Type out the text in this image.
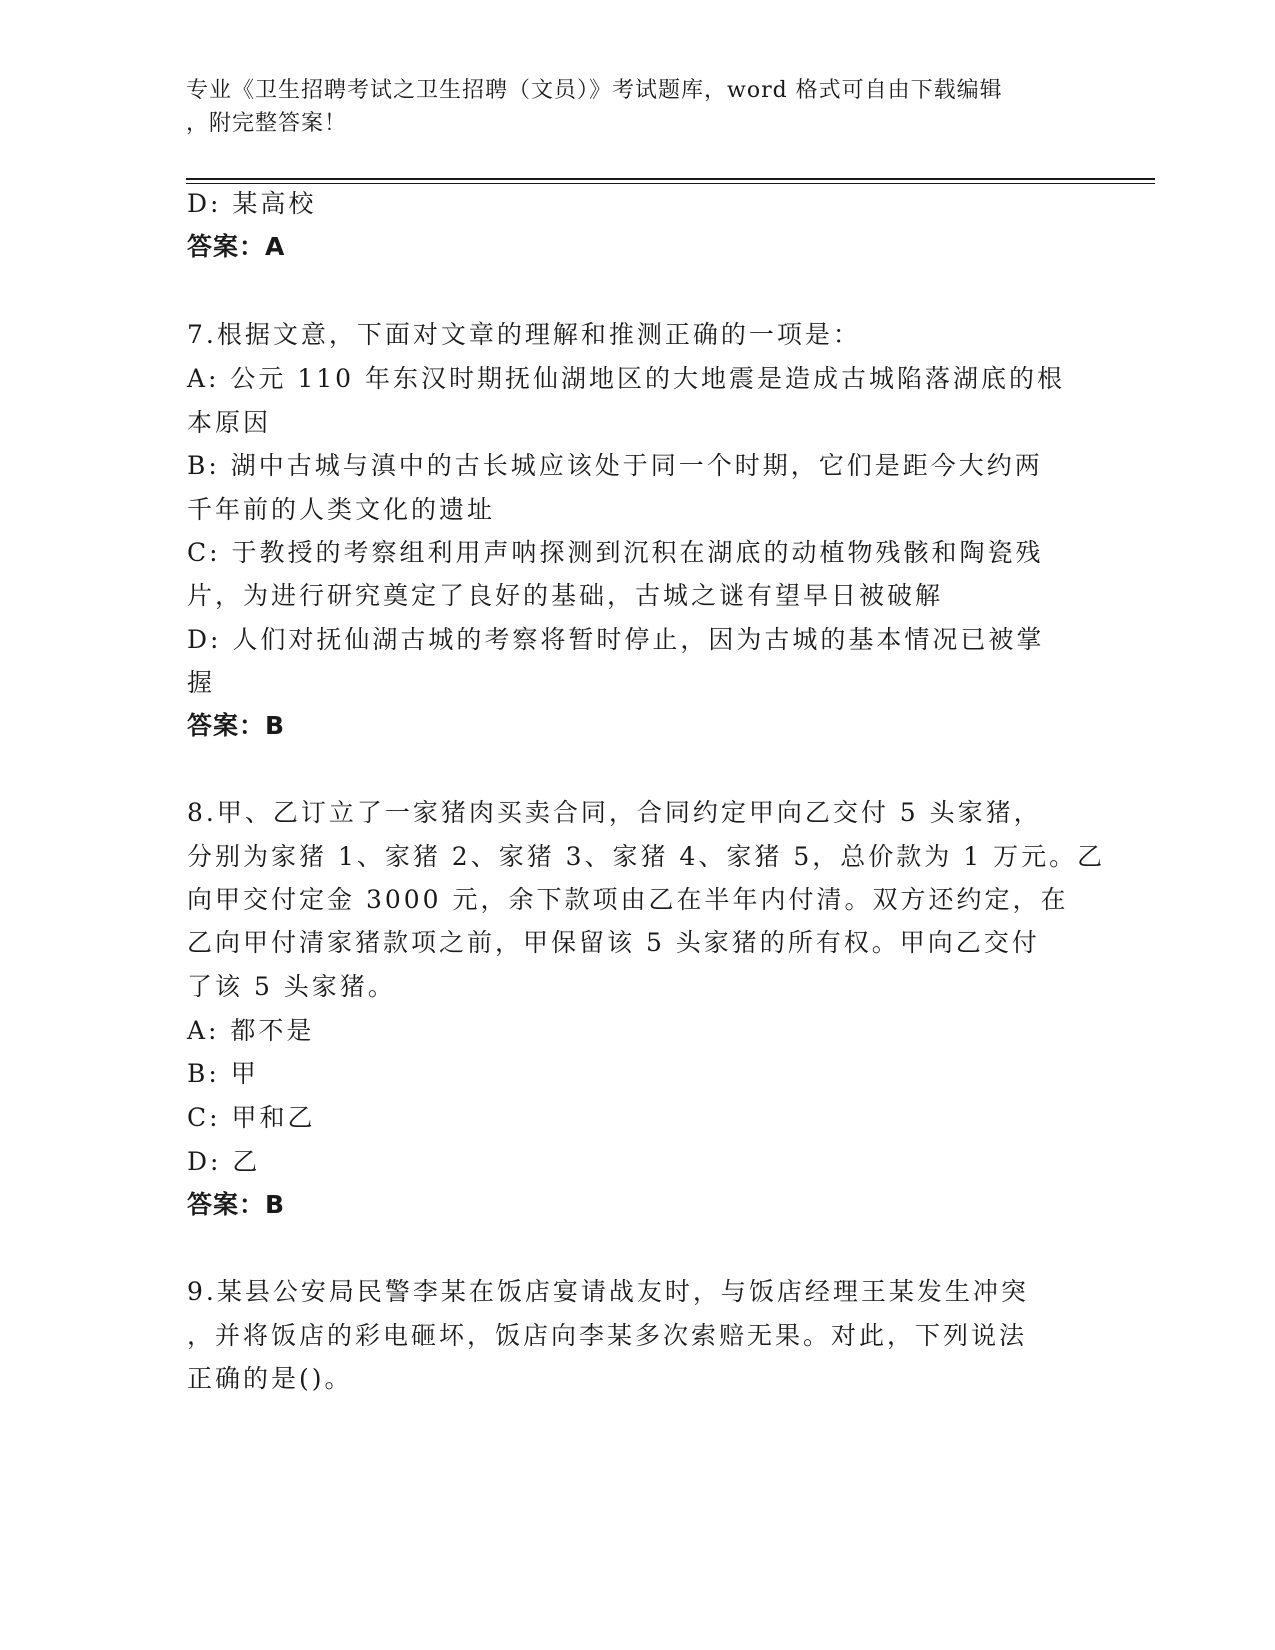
专业《卫生招聘考试之卫生招聘（文员）》考试题库，word 格式可自由下载编辑
，附完整答案！
D: 某高校
答案：A
7.根据文意，下面对文章的理解和推测正确的一项是：
A: 公元 110 年东汉时期抚仙湖地区的大地震是造成古城陷落湖底的根
本原因
B: 湖中古城与滇中的古长城应该处于同一个时期，它们是距今大约两
千年前的人类文化的遗址
C: 于教授的考察组利用声呐探测到沉积在湖底的动植物残骸和陶瓷残
片，为进行研究奠定了良好的基础，古城之谜有望早日被破解
D: 人们对抚仙湖古城的考察将暂时停止，因为古城的基本情况已被掌
握
答案：B
8.甲、乙订立了一家猪肉买卖合同，合同约定甲向乙交付 5 头家猪，
分别为家猪 1、家猪 2、家猪 3、家猪 4、家猪 5，总价款为 1 万元。乙
向甲交付定金 3000 元，余下款项由乙在半年内付清。双方还约定，在
乙向甲付清家猪款项之前，甲保留该 5 头家猪的所有权。甲向乙交付
了该 5 头家猪。
A: 都不是
B: 甲
C: 甲和乙
D: 乙
答案：B
9.某县公安局民警李某在饭店宴请战友时，与饭店经理王某发生冲突
，并将饭店的彩电砸坏，饭店向李某多次索赔无果。对此，下列说法
正确的是()。
